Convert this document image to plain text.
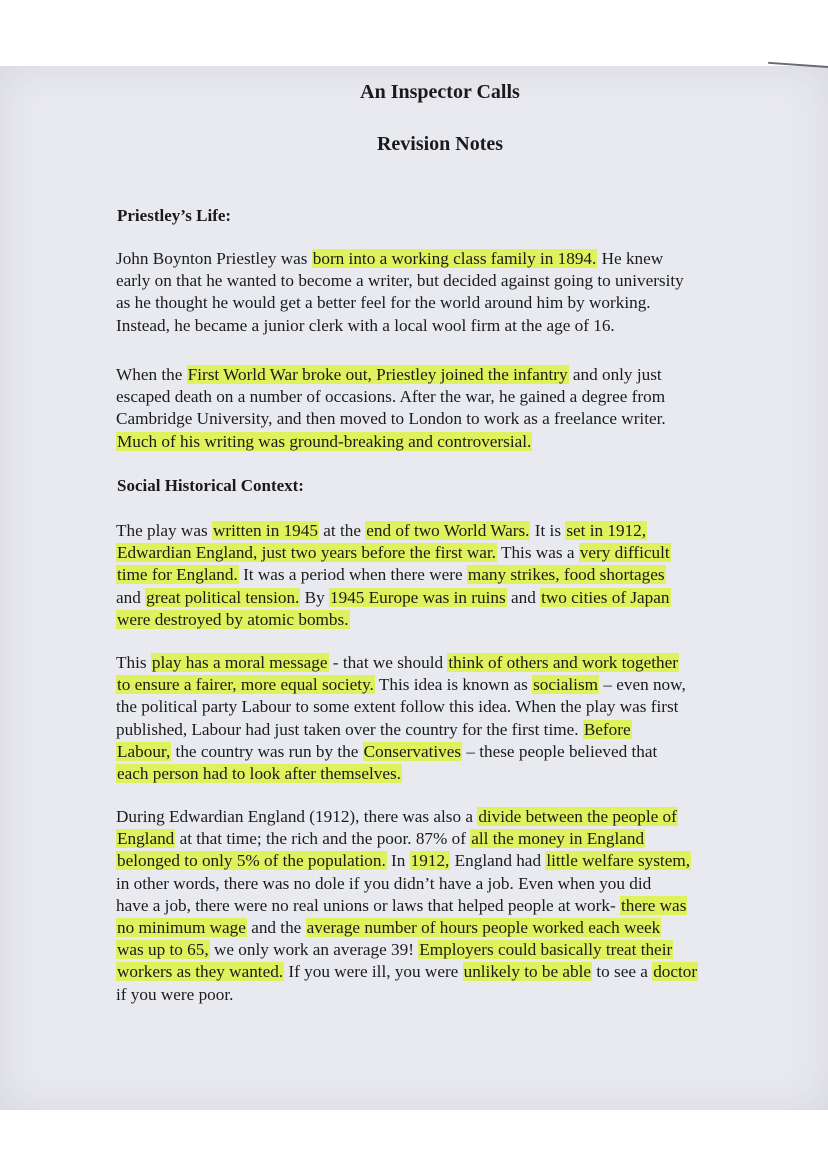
An Inspector Calls
Revision Notes
Priestley’s Life:
John Boynton Priestley was born into a working class family in 1894. He knew
early on that he wanted to become a writer, but decided against going to university
as he thought he would get a better feel for the world around him by working.
Instead, he became a junior clerk with a local wool firm at the age of 16.
When the First World War broke out, Priestley joined the infantry and only just
escaped death on a number of occasions. After the war, he gained a degree from
Cambridge University, and then moved to London to work as a freelance writer.
Much of his writing was ground-breaking and controversial.
Social Historical Context:
The play was written in 1945 at the end of two World Wars. It is set in 1912,
Edwardian England, just two years before the first war. This was a very difficult
time for England. It was a period when there were many strikes, food shortages
and great political tension. By 1945 Europe was in ruins and two cities of Japan
were destroyed by atomic bombs.
This play has a moral message - that we should think of others and work together
to ensure a fairer, more equal society. This idea is known as socialism – even now,
the political party Labour to some extent follow this idea. When the play was first
published, Labour had just taken over the country for the first time. Before
Labour, the country was run by the Conservatives – these people believed that
each person had to look after themselves.
During Edwardian England (1912), there was also a divide between the people of
England at that time; the rich and the poor. 87% of all the money in England
belonged to only 5% of the population. In 1912, England had little welfare system,
in other words, there was no dole if you didn’t have a job. Even when you did
have a job, there were no real unions or laws that helped people at work- there was
no minimum wage and the average number of hours people worked each week
was up to 65, we only work an average 39! Employers could basically treat their
workers as they wanted. If you were ill, you were unlikely to be able to see a doctor
if you were poor.
